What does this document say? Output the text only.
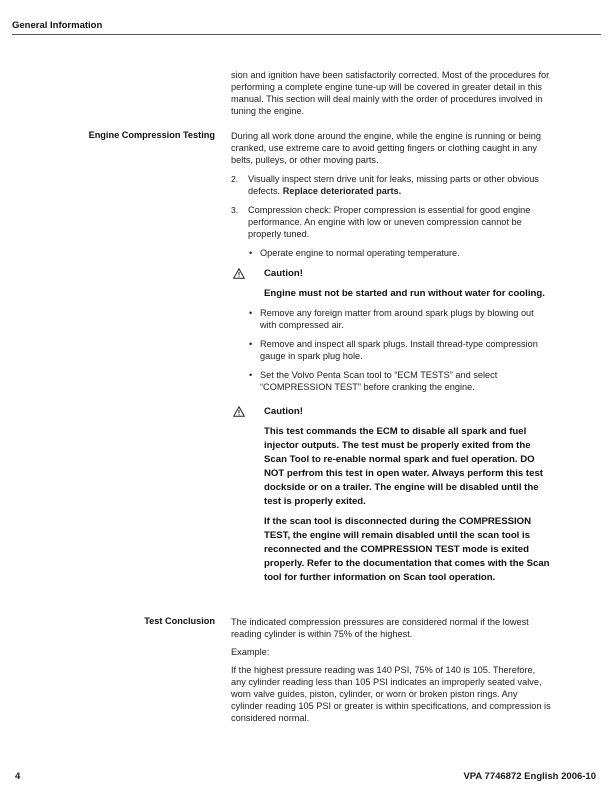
General Information

sion and ignition have been satisfactorily corrected. Most of the procedures for performing a complete engine tune-up will be covered in greater detail in this manual. This section will deal mainly with the order of procedures involved in tuning the engine.

Engine Compression Testing During all work done around the engine, while the engine is running or being cranked, use extreme care to avoid getting fingers or clothing caught in any belts, pulleys, or other moving parts.

2. Visually inspect stern drive unit for leaks, missing parts or other obvious defects. Replace deteriorated parts.
3. Compression check: Proper compression is essential for good engine performance. An engine with low or uneven compression cannot be properly tuned.
• Operate engine to normal operating temperature.

Caution!

Engine must not be started and run without water for cooling.

• Remove any foreign matter from around spark plugs by blowing out with compressed air.
• Remove and inspect all spark plugs. Install thread-type compression gauge in spark plug hole.
• Set the Volvo Penta Scan tool to “ECM TESTS” and select “COMPRESSION TEST” before cranking the engine.

Caution!

This test commands the ECM to disable all spark and fuel injector outputs. The test must be properly exited from the Scan Tool to re-enable normal spark and fuel operation. DO NOT perfrom this test in open water. Always perform this test dockside or on a trailer. The engine will be disabled until the test is properly exited.

If the scan tool is disconnected during the COMPRESSION TEST, the engine will remain disabled until the scan tool is reconnected and the COMPRESSION TEST mode is exited properly. Refer to the documentation that comes with the Scan tool for further information on Scan tool operation.

Test Conclusion The indicated compression pressures are considered normal if the lowest reading cylinder is within 75% of the highest.

Example:

If the highest pressure reading was 140 PSI, 75% of 140 is 105. Therefore, any cylinder reading less than 105 PSI indicates an improperly seated valve, worn valve guides, piston, cylinder, or worn or broken piston rings. Any cylinder reading 105 PSI or greater is within specifications, and compression is considered normal.

4	VPA 7746872 English 2006-10
